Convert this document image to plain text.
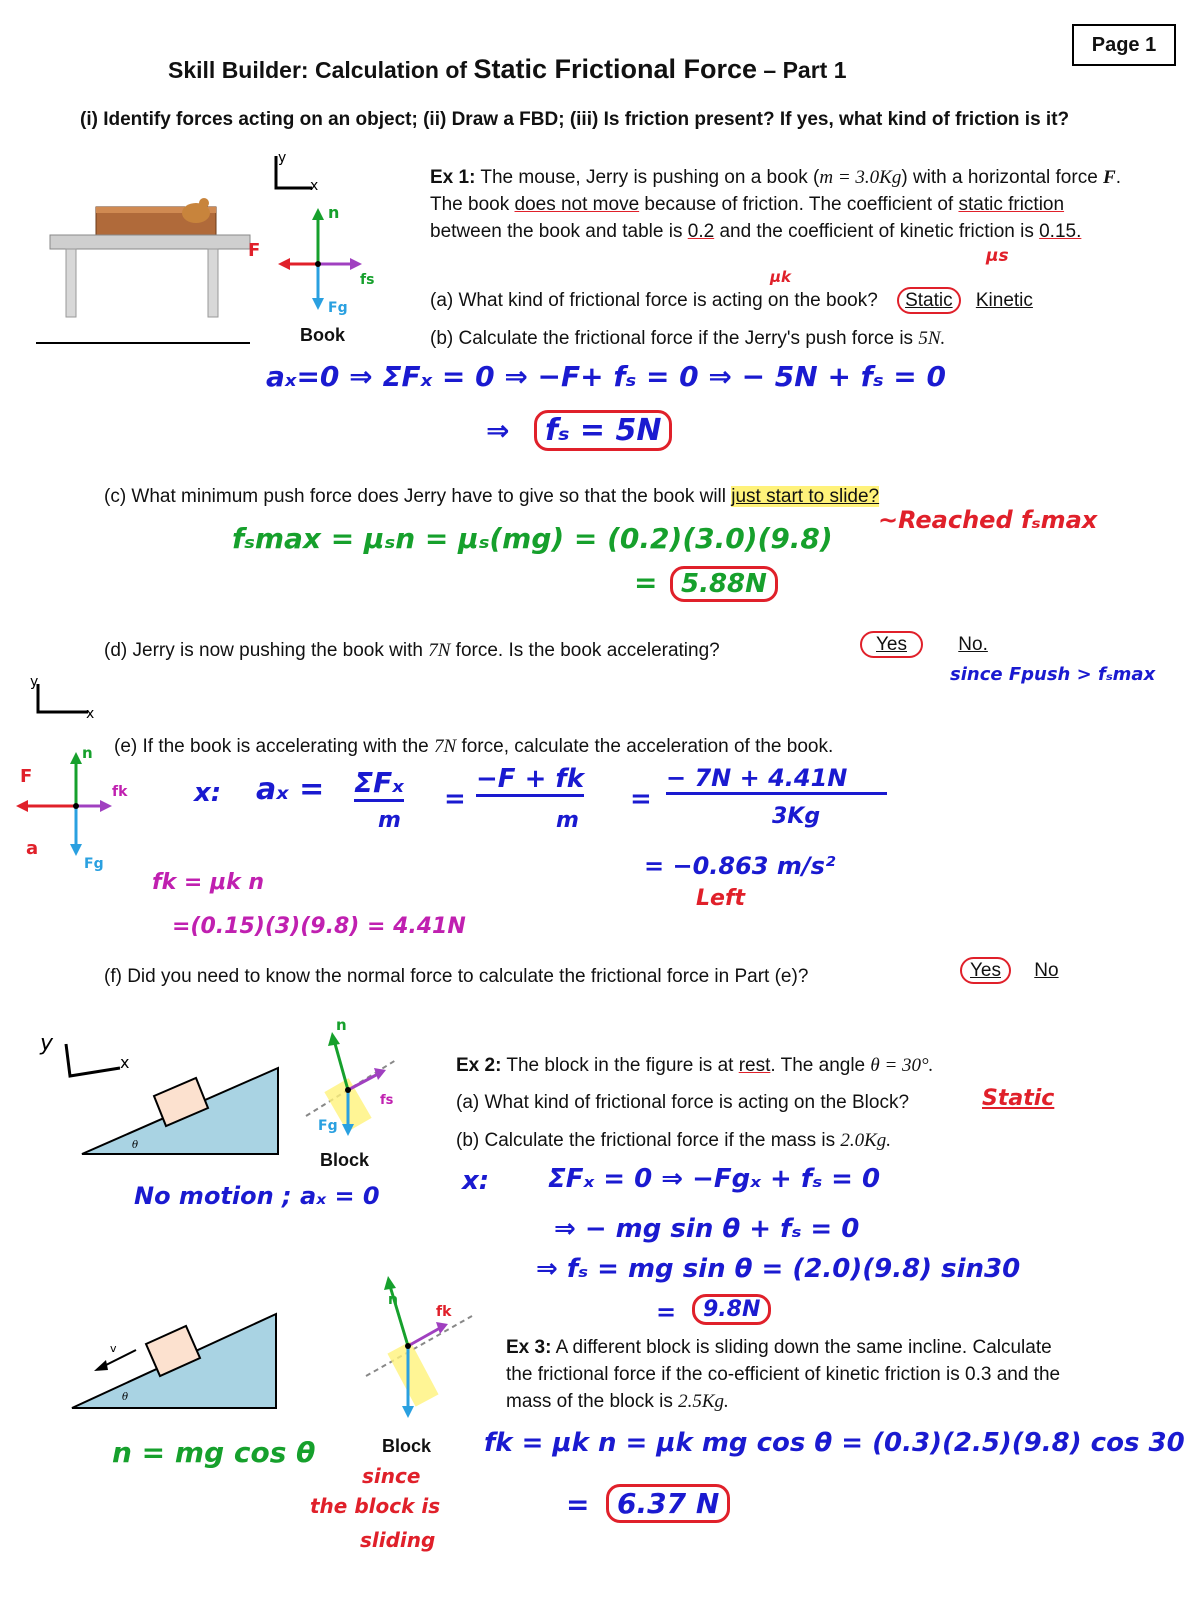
Page 1
Skill Builder: Calculation of Static Frictional Force – Part 1
(i) Identify forces acting on an object; (ii) Draw a FBD; (iii) Is friction present? If yes, what kind of friction is it?
y
x
n
Fg
F
fs
Book
Ex 1: The mouse, Jerry is pushing on a book (m = 3.0Kg) with a horizontal force F. The book does not move because of friction. The coefficient of static friction between the book and table is 0.2 and the coefficient of kinetic friction is 0.15.
μs
μk
(a) What kind of frictional force is acting on the book? Static Kinetic
(b) Calculate the frictional force if the Jerry's push force is 5N.
aₓ=0 ⇒ ΣFₓ = 0 ⇒ −F+ fₛ = 0 ⇒ − 5N + fₛ = 0
⇒	fₛ = 5N
(c) What minimum push force does Jerry have to give so that the book will just start to slide?
~Reached fₛmax
fₛmax = μₛn = μₛ(mg) = (0.2)(3.0)(9.8)
= 5.88N
(d) Jerry is now pushing the book with 7N force. Is the book accelerating?	Yes	No.
since Fpush > fₛmax
y
x
n
Fg
F
fk
a
(e) If the book is accelerating with the 7N force, calculate the acceleration of the book.
x: aₓ = ΣFₓ
m
=
−F + fk
m
=
− 7N + 4.41N
3Kg
= −0.863 m/s²
Left
fk = μk n
=(0.15)(3)(9.8) = 4.41N
(f) Did you need to know the normal force to calculate the frictional force in Part (e)?	Yes No
y
x
θ
n
Fg
fs
Block
Ex 2: The block in the figure is at rest. The angle θ = 30°.
(a) What kind of frictional force is acting on the Block?	Static
(b) Calculate the frictional force if the mass is 2.0Kg.
No motion ; aₓ = 0	x: ΣFₓ = 0 ⇒ −Fgₓ + fₛ = 0
⇒ − mg sin θ + fₛ = 0
⇒ fₛ = mg sin θ = (2.0)(9.8) sin30
=	9.8N
v
θ
n
fk
Block
Ex 3: A different block is sliding down the same incline. Calculate the frictional force if the co-efficient of kinetic friction is 0.3 and the mass of the block is 2.5Kg.
n = mg cos θ
since
the block is
sliding
fk = μk n = μk mg cos θ = (0.3)(2.5)(9.8) cos 30
= 6.37 N
